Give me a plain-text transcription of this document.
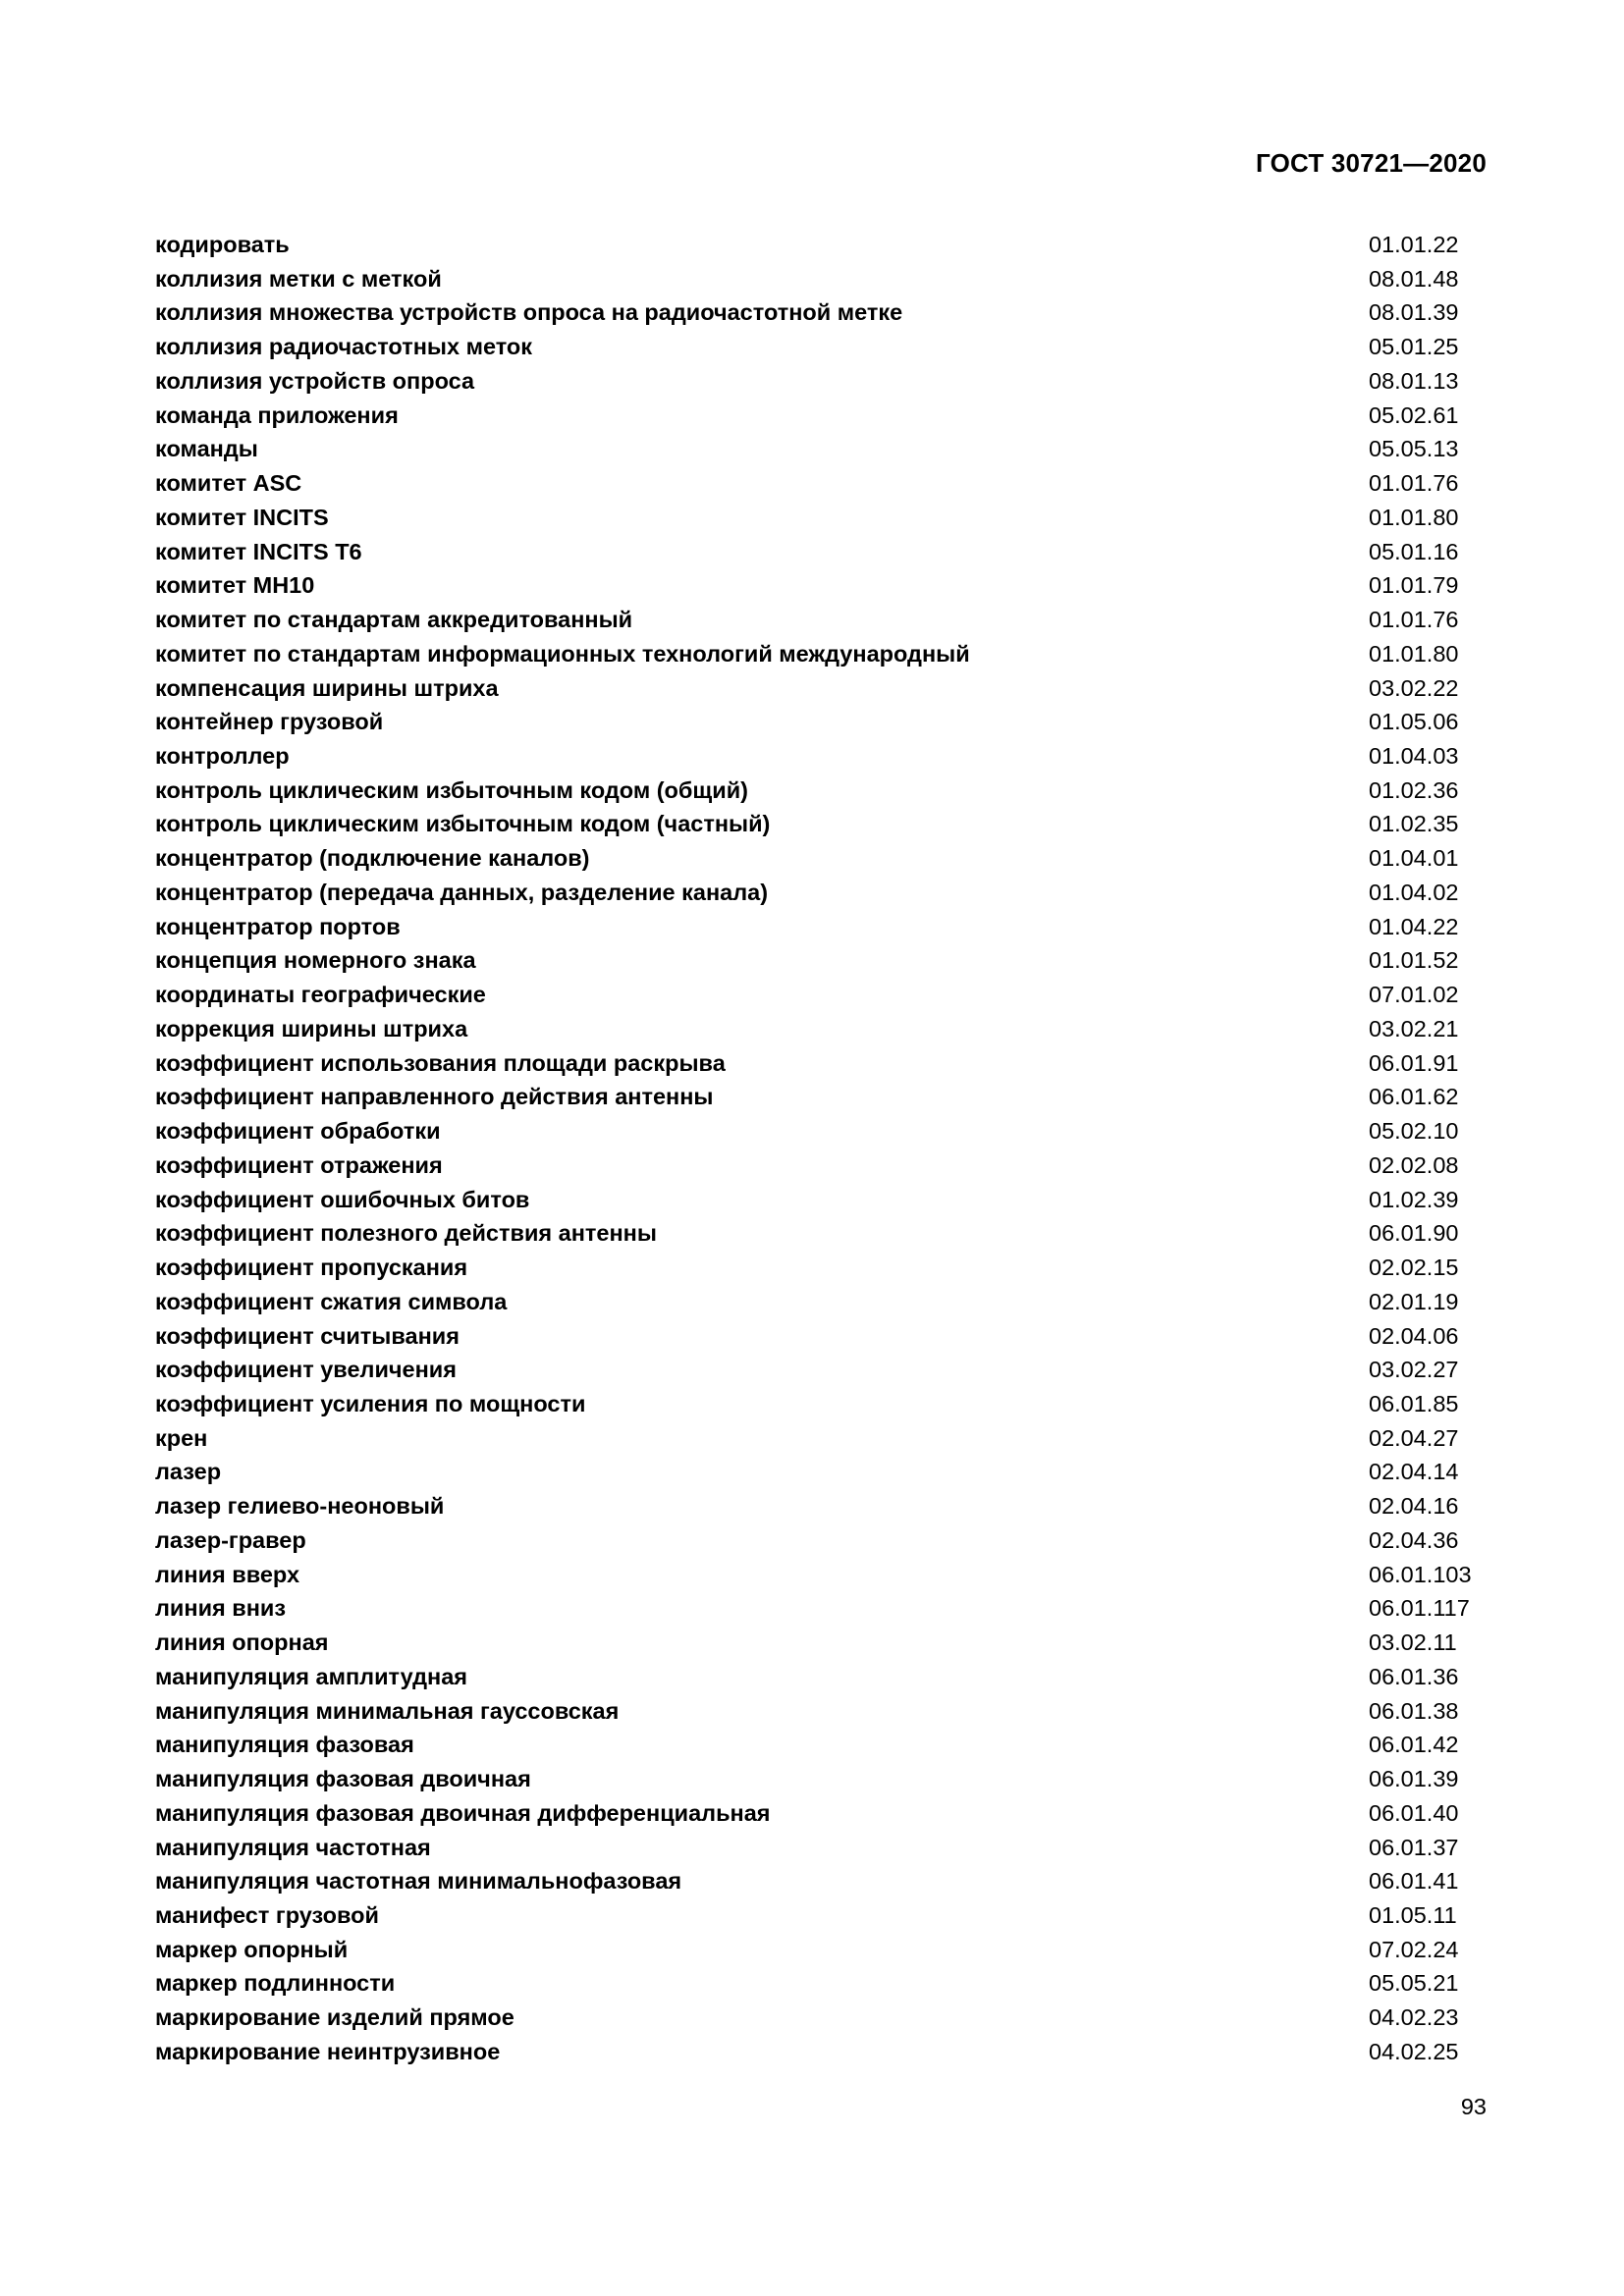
ГОСТ 30721—2020
кодировать	01.01.22
коллизия метки с меткой	08.01.48
коллизия множества устройств опроса на радиочастотной метке	08.01.39
коллизия радиочастотных меток	05.01.25
коллизия устройств опроса	08.01.13
команда приложения	05.02.61
команды	05.05.13
комитет ASC	01.01.76
комитет INCITS	01.01.80
комитет INCITS Т6	05.01.16
комитет МН10	01.01.79
комитет по стандартам аккредитованный	01.01.76
комитет по стандартам информационных технологий международный	01.01.80
компенсация ширины штриха	03.02.22
контейнер грузовой	01.05.06
контроллер	01.04.03
контроль циклическим избыточным кодом (общий)	01.02.36
контроль циклическим избыточным кодом (частный)	01.02.35
концентратор (подключение каналов)	01.04.01
концентратор (передача данных, разделение канала)	01.04.02
концентратор портов	01.04.22
концепция номерного знака	01.01.52
координаты географические	07.01.02
коррекция ширины штриха	03.02.21
коэффициент использования площади раскрыва	06.01.91
коэффициент направленного действия антенны	06.01.62
коэффициент обработки	05.02.10
коэффициент отражения	02.02.08
коэффициент ошибочных битов	01.02.39
коэффициент полезного действия антенны	06.01.90
коэффициент пропускания	02.02.15
коэффициент сжатия символа	02.01.19
коэффициент считывания	02.04.06
коэффициент увеличения	03.02.27
коэффициент усиления по мощности	06.01.85
крен	02.04.27
лазер	02.04.14
лазер гелиево-неоновый	02.04.16
лазер-гравер	02.04.36
линия вверх	06.01.103
линия вниз	06.01.117
линия опорная	03.02.11
манипуляция амплитудная	06.01.36
манипуляция минимальная гауссовская	06.01.38
манипуляция фазовая	06.01.42
манипуляция фазовая двоичная	06.01.39
манипуляция фазовая двоичная дифференциальная	06.01.40
манипуляция частотная	06.01.37
манипуляция частотная минимальнофазовая	06.01.41
манифест грузовой	01.05.11
маркер опорный	07.02.24
маркер подлинности	05.05.21
маркирование изделий прямое	04.02.23
маркирование неинтрузивное	04.02.25
93
